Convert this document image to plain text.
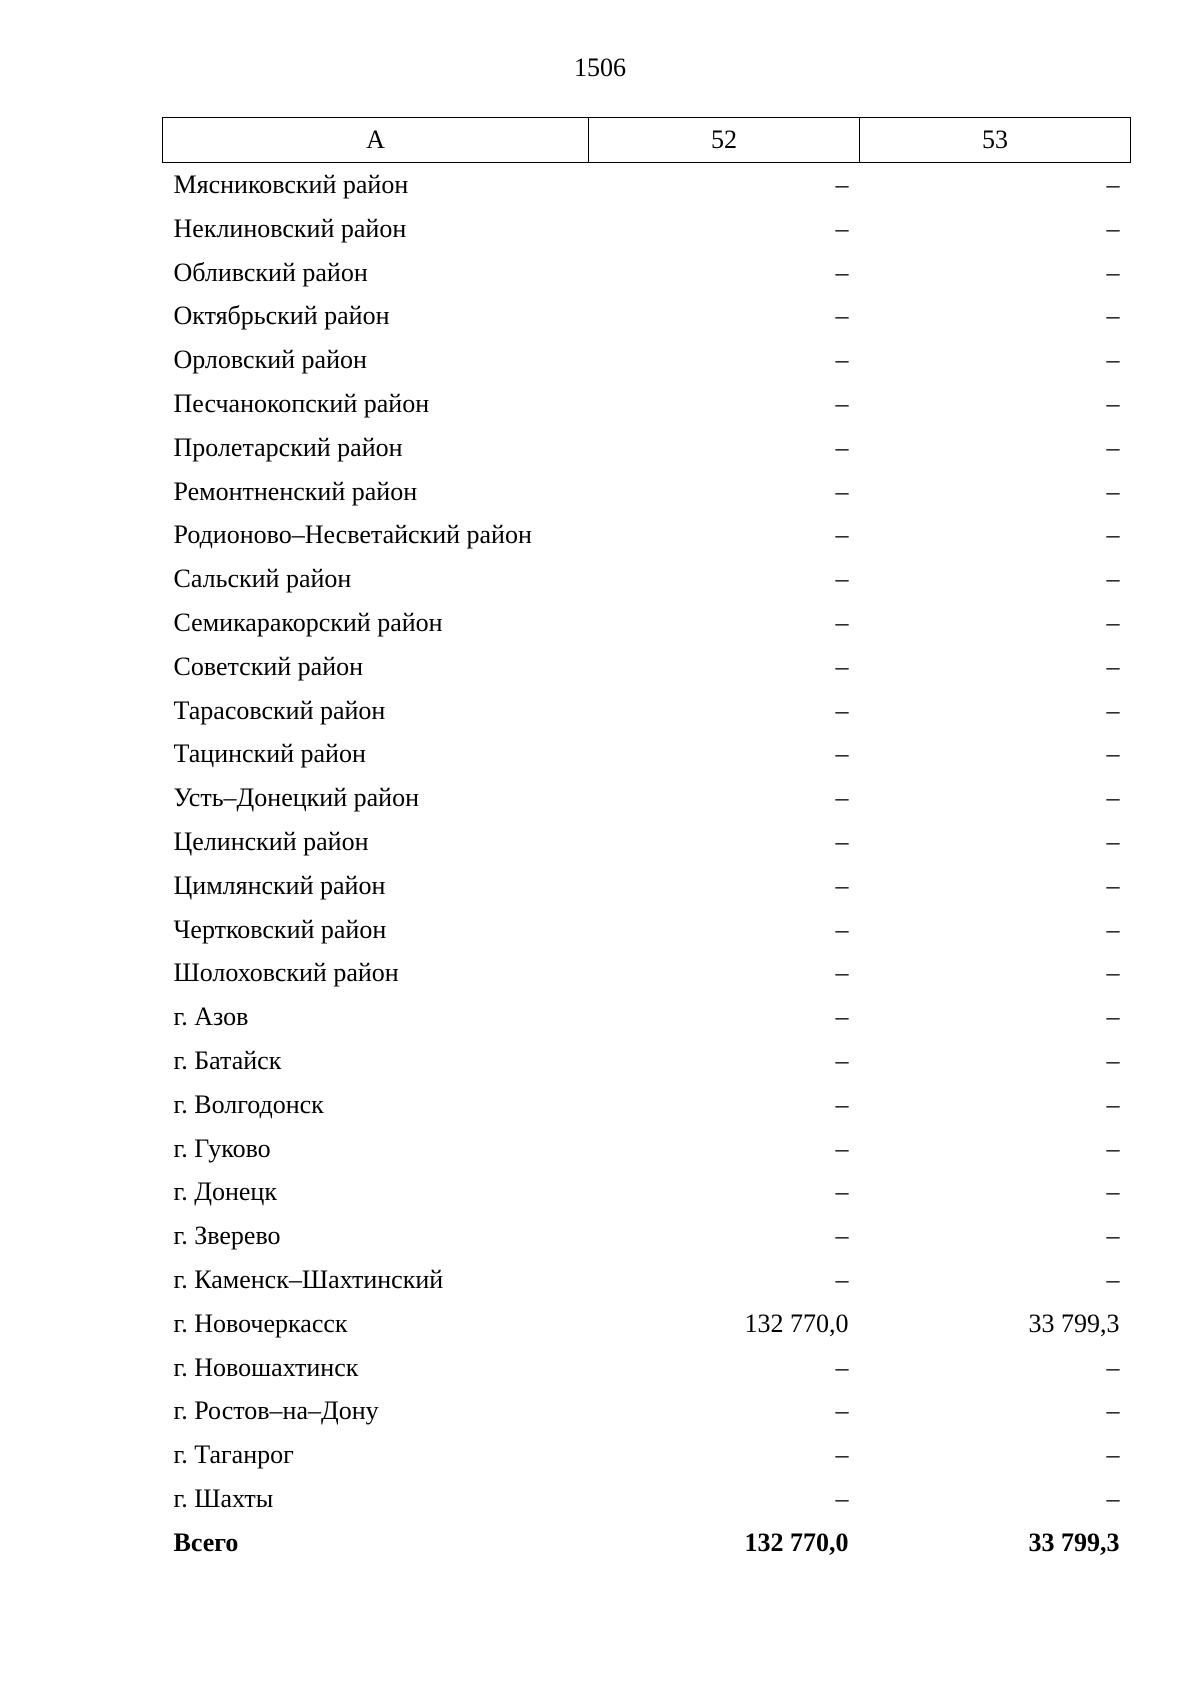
1506
А	52	53
Мясниковский район	–	–
Неклиновский район	–	–
Обливский район	–	–
Октябрьский район	–	–
Орловский район	–	–
Песчанокопский район	–	–
Пролетарский район	–	–
Ремонтненский район	–	–
Родионово–Несветайский район	–	–
Сальский район	–	–
Семикаракорский район	–	–
Советский район	–	–
Тарасовский район	–	–
Тацинский район	–	–
Усть–Донецкий район	–	–
Целинский район	–	–
Цимлянский район	–	–
Чертковский район	–	–
Шолоховский район	–	–
г. Азов	–	–
г. Батайск	–	–
г. Волгодонск	–	–
г. Гуково	–	–
г. Донецк	–	–
г. Зверево	–	–
г. Каменск–Шахтинский	–	–
г. Новочеркасск	132 770,0	33 799,3
г. Новошахтинск	–	–
г. Ростов–на–Дону	–	–
г. Таганрог	–	–
г. Шахты	–	–
Всего	132 770,0	33 799,3
